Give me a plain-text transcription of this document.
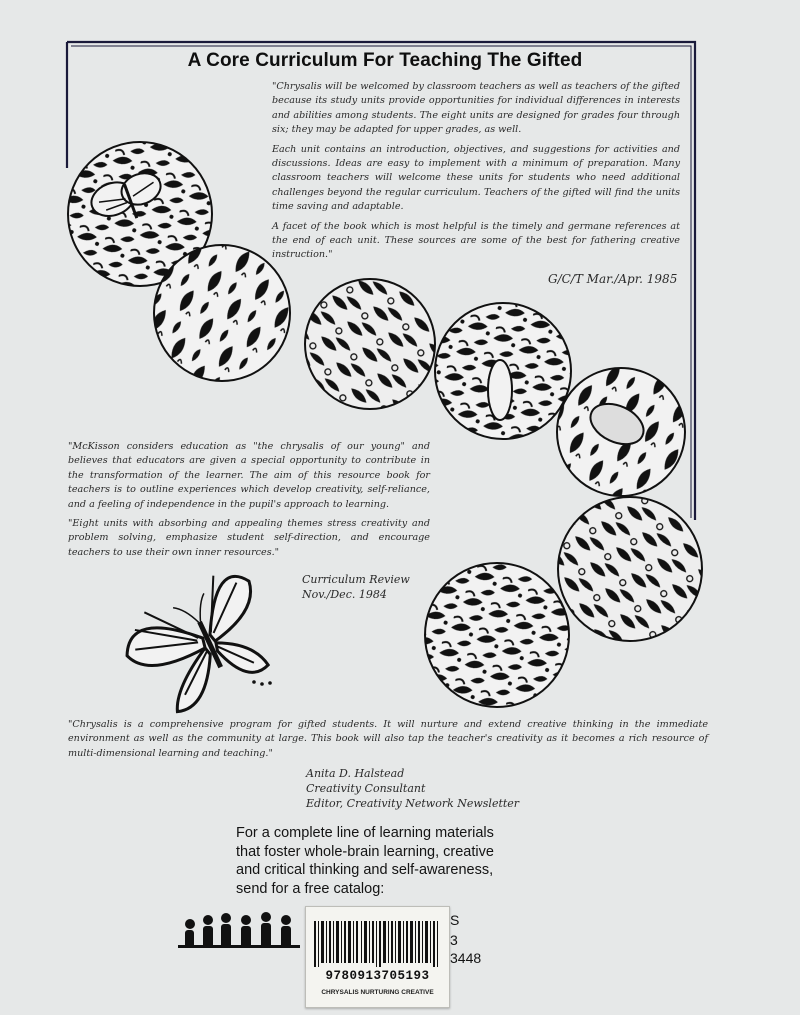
A Core Curriculum For Teaching The Gifted

"Chrysalis will be welcomed by classroom teachers as well as teachers of the gifted because its study units provide opportunities for individual differences in interests and abilities among students. The eight units are designed for grades four through six; they may be adapted for upper grades, as well.

Each unit contains an introduction, objectives, and suggestions for activities and discussions. Ideas are easy to implement with a minimum of preparation. Many classroom teachers will welcome these units for students who need additional challenges beyond the regular curriculum. Teachers of the gifted will find the units time saving and adaptable.

A facet of the book which is most helpful is the timely and germane references at the end of each unit. These sources are some of the best for fathering creative instruction."

G/C/T Mar./Apr. 1985

"McKisson considers education as "the chrysalis of our young" and believes that educators are given a special opportunity to contribute in the transformation of the learner. The aim of this resource book for teachers is to outline experiences which develop creativity, self-reliance, and a feeling of independence in the pupil's approach to learning.

"Eight units with absorbing and appealing themes stress creativity and problem solving, emphasize student self-direction, and encourage teachers to use their own inner resources."

Curriculum Review
Nov./Dec. 1984
"Chrysalis is a comprehensive program for gifted students. It will nurture and extend creative thinking in the immediate environment as well as the community at large. This book will also tap the teacher's creativity as it becomes a rich resource of multi-dimensional learning and teaching."
Anita D. Halstead
Creativity Consultant
Editor, Creativity Network Newsletter
For a complete line of learning materials
that foster whole-brain learning, creative
and critical thinking and self-awareness,
send for a free catalog:
S
3
3448
9780913705193
CHRYSALIS NURTURING CREATIVE
